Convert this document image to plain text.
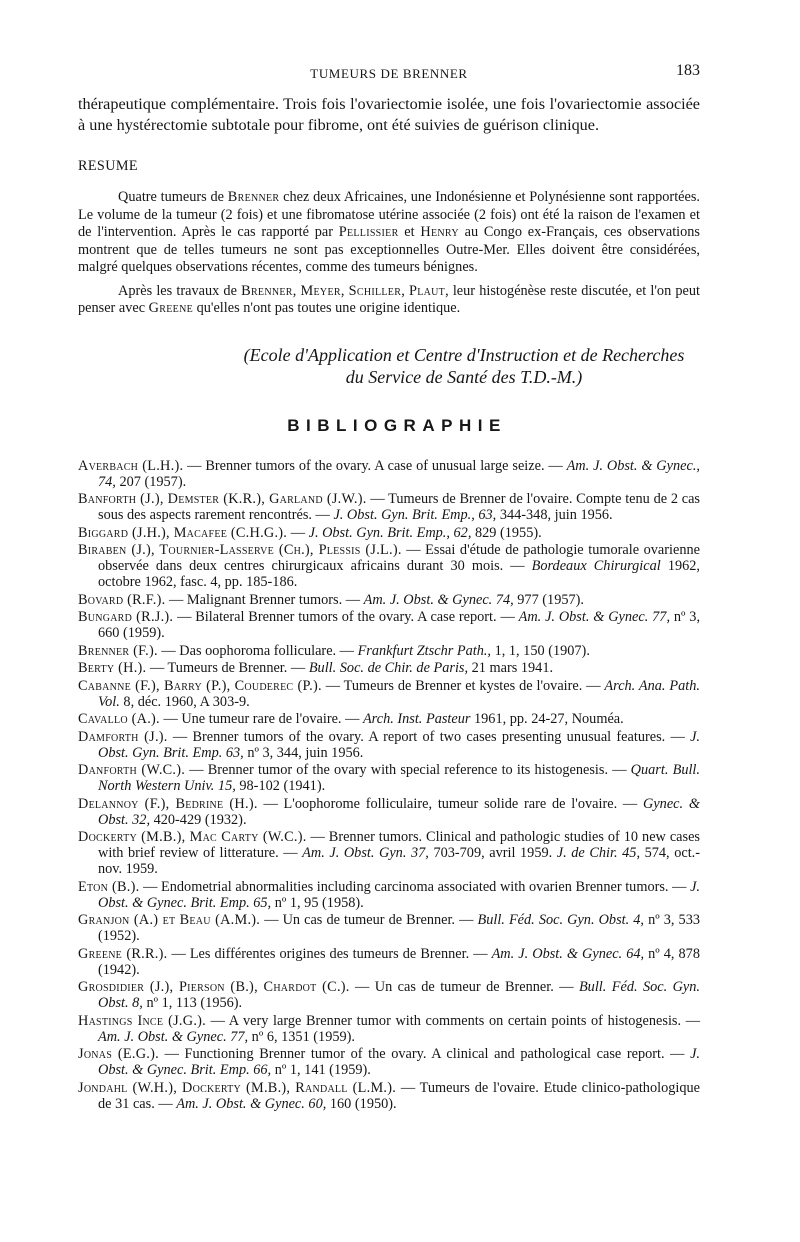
TUMEURS DE BRENNER	183

thérapeutique complémentaire. Trois fois l'ovariectomie isolée, une fois l'ovariectomie associée à une hystérectomie subtotale pour fibrome, ont été suivies de guérison clinique.

RESUME

Quatre tumeurs de Brenner chez deux Africaines, une Indonésienne et Polynésienne sont rapportées. Le volume de la tumeur (2 fois) et une fibromatose utérine associée (2 fois) ont été la raison de l'examen et de l'intervention. Après le cas rapporté par Pellissier et Henry au Congo ex-Français, ces observations montrent que de telles tumeurs ne sont pas exceptionnelles Outre-Mer. Elles doivent être considérées, malgré quelques observations récentes, comme des tumeurs bénignes.

Après les travaux de Brenner, Meyer, Schiller, Plaut, leur histogénèse reste discutée, et l'on peut penser avec Greene qu'elles n'ont pas toutes une origine identique.

(Ecole d'Application et Centre d'Instruction et de Recherches
du Service de Santé des T.D.-M.)
BIBLIOGRAPHIE
Averbach (L.H.). — Brenner tumors of the ovary. A case of unusual large seize. — Am. J. Obst. & Gynec., 74, 207 (1957).
Banforth (J.), Demster (K.R.), Garland (J.W.). — Tumeurs de Brenner de l'ovaire. Compte tenu de 2 cas sous des aspects rarement rencontrés. — J. Obst. Gyn. Brit. Emp., 63, 344-348, juin 1956.
Biggard (J.H.), Macafee (C.H.G.). — J. Obst. Gyn. Brit. Emp., 62, 829 (1955).
Biraben (J.), Tournier-Lasserve (Ch.), Plessis (J.L.). — Essai d'étude de pathologie tumorale ovarienne observée dans deux centres chirurgicaux africains durant 30 mois. — Bordeaux Chirurgical 1962, octobre 1962, fasc. 4, pp. 185-186.
Bovard (R.F.). — Malignant Brenner tumors. — Am. J. Obst. & Gynec. 74, 977 (1957).
Bungard (R.J.). — Bilateral Brenner tumors of the ovary. A case report. — Am. J. Obst. & Gynec. 77, nº 3, 660 (1959).
Brenner (F.). — Das oophoroma folliculare. — Frankfurt Ztschr Path., 1, 1, 150 (1907).
Berty (H.). — Tumeurs de Brenner. — Bull. Soc. de Chir. de Paris, 21 mars 1941.
Cabanne (F.), Barry (P.), Couderec (P.). — Tumeurs de Brenner et kystes de l'ovaire. — Arch. Ana. Path. Vol. 8, déc. 1960, A 303-9.
Cavallo (A.). — Une tumeur rare de l'ovaire. — Arch. Inst. Pasteur 1961, pp. 24-27, Nouméa.
Damforth (J.). — Brenner tumors of the ovary. A report of two cases presenting unusual features. — J. Obst. Gyn. Brit. Emp. 63, nº 3, 344, juin 1956.
Danforth (W.C.). — Brenner tumor of the ovary with special reference to its histogenesis. — Quart. Bull. North Western Univ. 15, 98-102 (1941).
Delannoy (F.), Bedrine (H.). — L'oophorome folliculaire, tumeur solide rare de l'ovaire. — Gynec. & Obst. 32, 420-429 (1932).
Dockerty (M.B.), Mac Carty (W.C.). — Brenner tumors. Clinical and pathologic studies of 10 new cases with brief review of litterature. — Am. J. Obst. Gyn. 37, 703-709, avril 1959. J. de Chir. 45, 574, oct.-nov. 1959.
Eton (B.). — Endometrial abnormalities including carcinoma associated with ovarien Brenner tumors. — J. Obst. & Gynec. Brit. Emp. 65, nº 1, 95 (1958).
Granjon (A.) et Beau (A.M.). — Un cas de tumeur de Brenner. — Bull. Féd. Soc. Gyn. Obst. 4, nº 3, 533 (1952).
Greene (R.R.). — Les différentes origines des tumeurs de Brenner. — Am. J. Obst. & Gynec. 64, nº 4, 878 (1942).
Grosdidier (J.), Pierson (B.), Chardot (C.). — Un cas de tumeur de Brenner. — Bull. Féd. Soc. Gyn. Obst. 8, nº 1, 113 (1956).
Hastings Ince (J.G.). — A very large Brenner tumor with comments on certain points of histogenesis. — Am. J. Obst. & Gynec. 77, nº 6, 1351 (1959).
Jonas (E.G.). — Functioning Brenner tumor of the ovary. A clinical and pathological case report. — J. Obst. & Gynec. Brit. Emp. 66, nº 1, 141 (1959).
Jondahl (W.H.), Dockerty (M.B.), Randall (L.M.). — Tumeurs de l'ovaire. Etude clinico-pathologique de 31 cas. — Am. J. Obst. & Gynec. 60, 160 (1950).
